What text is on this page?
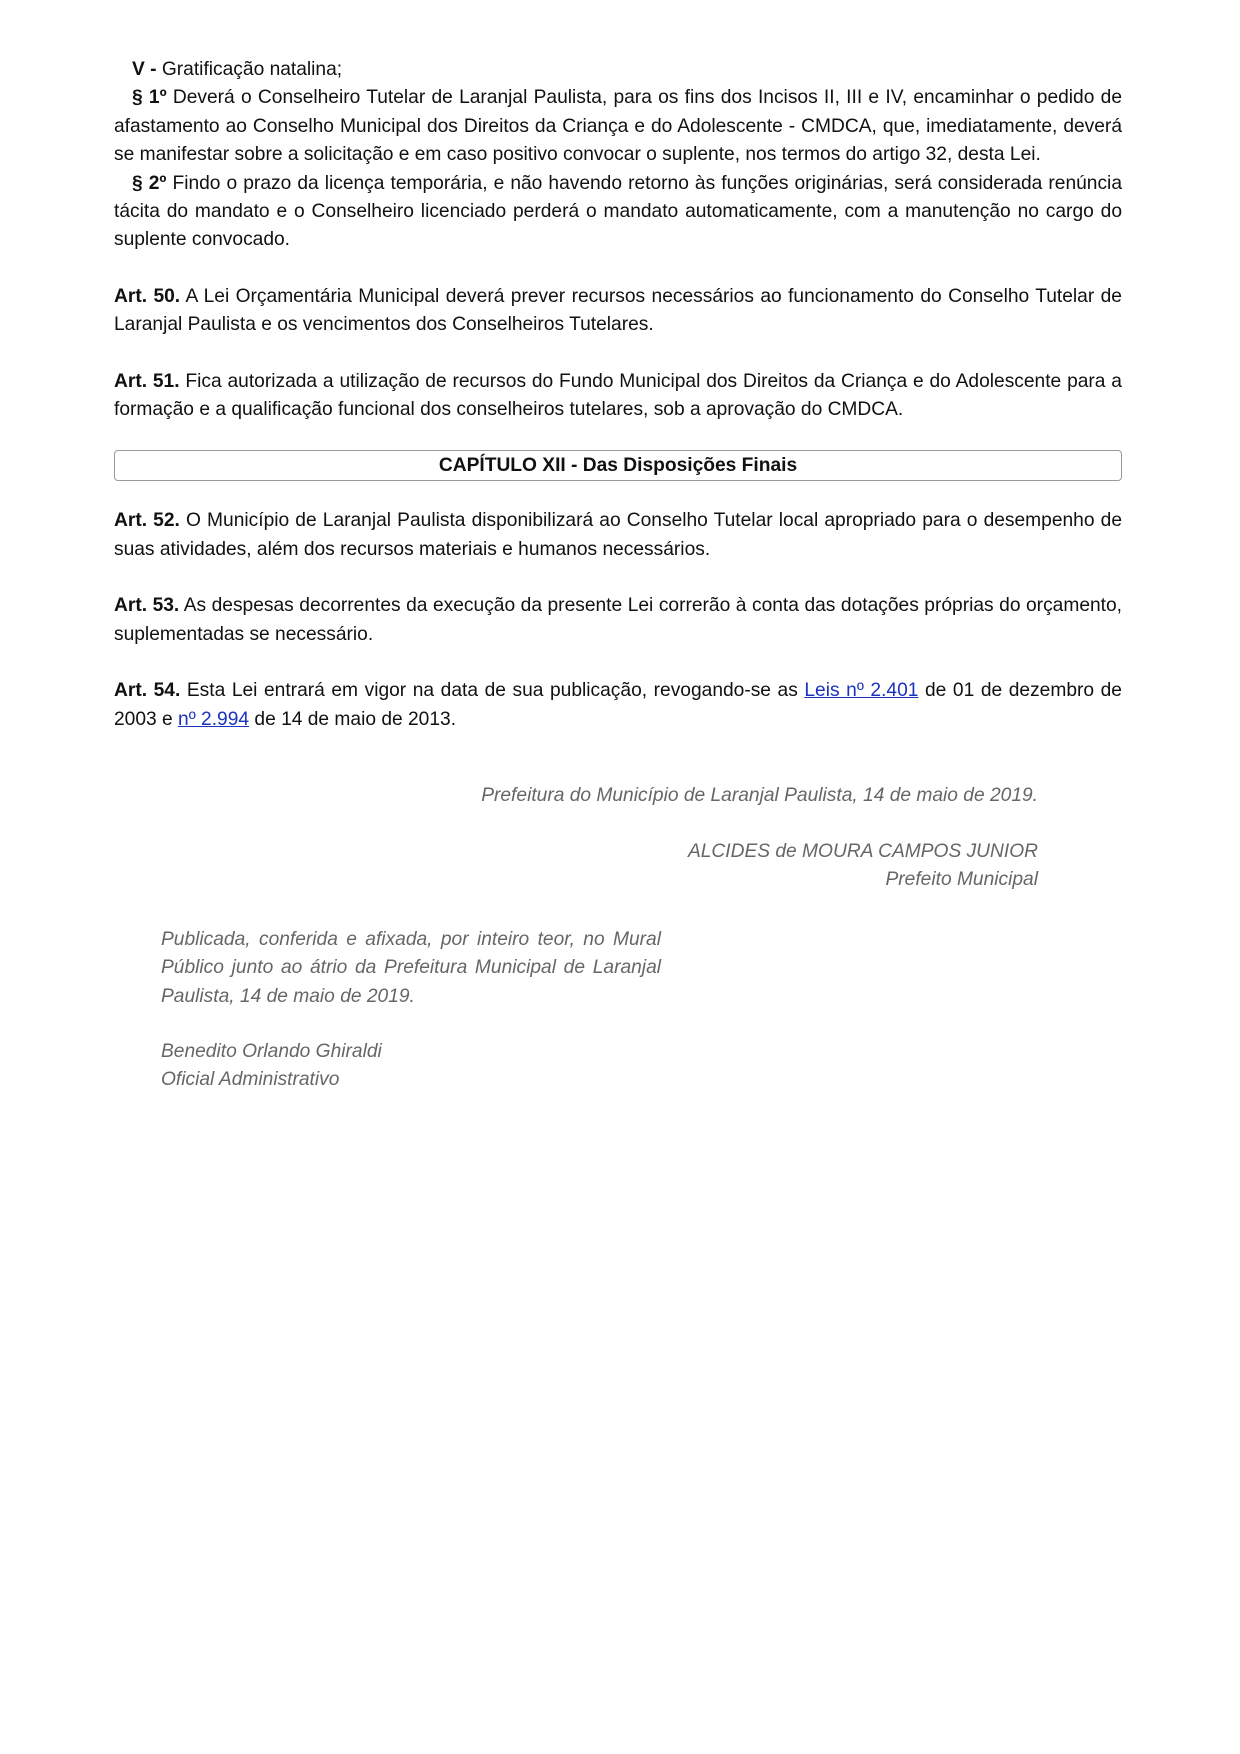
V - Gratificação natalina;

§ 1º Deverá o Conselheiro Tutelar de Laranjal Paulista, para os fins dos Incisos II, III e IV, encaminhar o pedido de afastamento ao Conselho Municipal dos Direitos da Criança e do Adolescente - CMDCA, que, imediatamente, deverá se manifestar sobre a solicitação e em caso positivo convocar o suplente, nos termos do artigo 32, desta Lei.

§ 2º Findo o prazo da licença temporária, e não havendo retorno às funções originárias, será considerada renúncia tácita do mandato e o Conselheiro licenciado perderá o mandato automaticamente, com a manutenção no cargo do suplente convocado.

Art. 50. A Lei Orçamentária Municipal deverá prever recursos necessários ao funcionamento do Conselho Tutelar de Laranjal Paulista e os vencimentos dos Conselheiros Tutelares.

Art. 51. Fica autorizada a utilização de recursos do Fundo Municipal dos Direitos da Criança e do Adolescente para a formação e a qualificação funcional dos conselheiros tutelares, sob a aprovação do CMDCA.

CAPÍTULO XII - Das Disposições Finais

Art. 52. O Município de Laranjal Paulista disponibilizará ao Conselho Tutelar local apropriado para o desempenho de suas atividades, além dos recursos materiais e humanos necessários.

Art. 53. As despesas decorrentes da execução da presente Lei correrão à conta das dotações próprias do orçamento, suplementadas se necessário.

Art. 54. Esta Lei entrará em vigor na data de sua publicação, revogando-se as Leis nº 2.401 de 01 de dezembro de 2003 e nº 2.994 de 14 de maio de 2013.

Prefeitura do Município de Laranjal Paulista, 14 de maio de 2019.
ALCIDES de MOURA CAMPOS JUNIOR
Prefeito Municipal
Publicada, conferida e afixada, por inteiro teor, no Mural Público junto ao átrio da Prefeitura Municipal de Laranjal Paulista, 14 de maio de 2019.
Benedito Orlando Ghiraldi
Oficial Administrativo
